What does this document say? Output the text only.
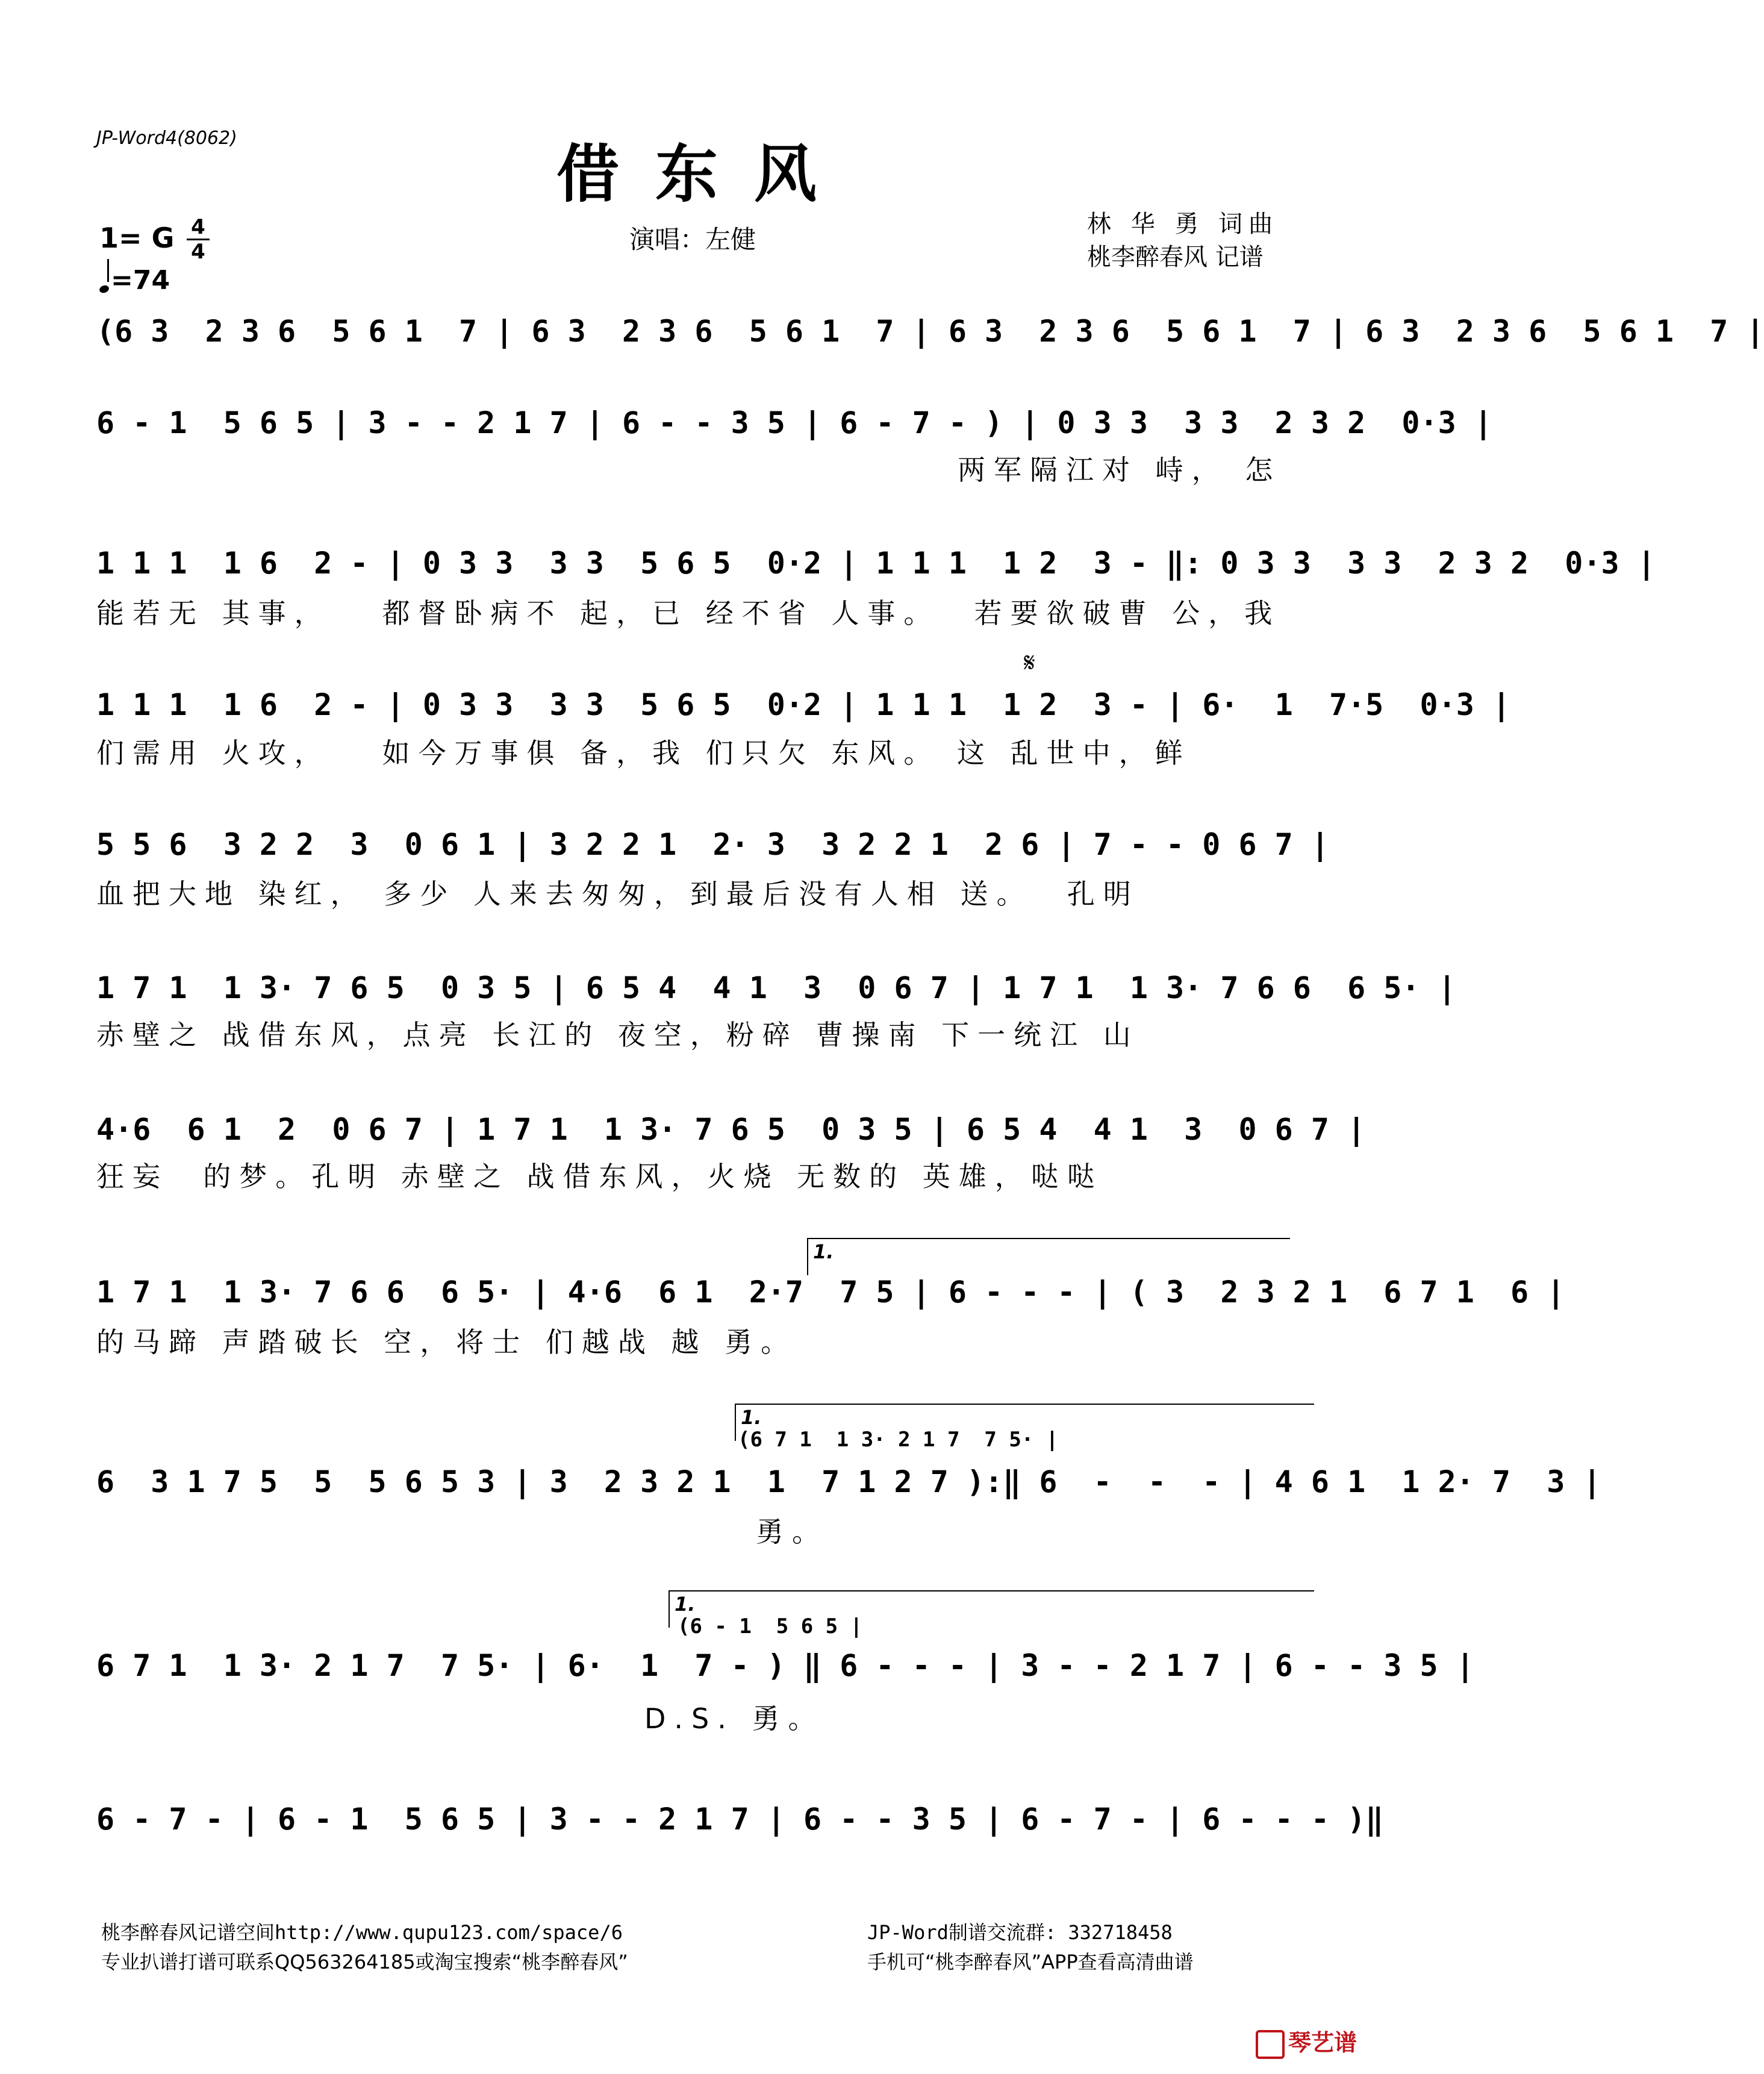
JP-Word4(8062)	借东风
演唱：左健
林 华 勇 词曲
桃李醉春风 记谱
1= G 4
4
=74
(6 3  2 3 6  5 6 1  7 | 6 3  2 3 6  5 6 1  7 | 6 3  2 3 6  5 6 1  7 | 6 3  2 3 6  5 6 1  7 |
6 - 1  5 6 5 | 3 - - 2 1 7 | 6 - - 3 5 | 6 - 7 - ) | 0 3 3  3 3  2 3 2  0·3 |
两军隔江对 峙， 怎
1 1 1  1 6  2 - | 0 3 3  3 3  5 6 5  0·2 | 1 1 1  1 2  3 - ‖: 0 3 3  3 3  2 3 2  0·3 |
能若无 其事，   都督卧病不 起，已 经不省 人事。  若要欲破曹 公，我
𝄋
1 1 1  1 6  2 - | 0 3 3  3 3  5 6 5  0·2 | 1 1 1  1 2  3 - | 6·  1  7·5  0·3 |
们需用 火攻，   如今万事俱 备，我 们只欠 东风。 这 乱世中，鲜
5 5 6  3 2 2  3  0 6 1 | 3 2 2 1  2· 3  3 2 2 1  2 6 | 7 - - 0 6 7 |
血把大地 染红， 多少 人来去匆匆，到最后没有人相 送。  孔明
1 7 1  1 3· 7 6 5  0 3 5 | 6 5 4  4 1  3  0 6 7 | 1 7 1  1 3· 7 6 6  6 5· |
赤壁之 战借东风，点亮 长江的 夜空，粉碎 曹操南 下一统江 山
4·6  6 1  2  0 6 7 | 1 7 1  1 3· 7 6 5  0 3 5 | 6 5 4  4 1  3  0 6 7 |
狂妄  的梦。孔明 赤壁之 战借东风，火烧 无数的 英雄，哒哒
1.
1 7 1  1 3· 7 6 6  6 5· | 4·6  6 1  2·7  7 5 | 6 - - - | ( 3  2 3 2 1  6 7 1  6 |
的马蹄 声踏破长 空，将士 们越战 越 勇。
1.
(6 7 1  1 3· 2 1 7  7 5· |
6  3 1 7 5  5  5 6 5 3 | 3  2 3 2 1  1  7 1 2 7 ):‖ 6  -  -  - | 4 6 1  1 2· 7  3 |
勇。
1.
(6 - 1  5 6 5 |
6 7 1  1 3· 2 1 7  7 5· | 6·  1  7 - ) ‖ 6 - - - | 3 - - 2 1 7 | 6 - - 3 5 |
D.S. 勇。
6 - 7 - | 6 - 1  5 6 5 | 3 - - 2 1 7 | 6 - - 3 5 | 6 - 7 - | 6 - - - )‖
桃李醉春风记谱空间http://www.qupu123.com/space/6
专业扒谱打谱可联系QQ563264185或淘宝搜索“桃李醉春风”
JP-Word制谱交流群: 332718458
手机可“桃李醉春风”APP查看高清曲谱
琴艺谱
